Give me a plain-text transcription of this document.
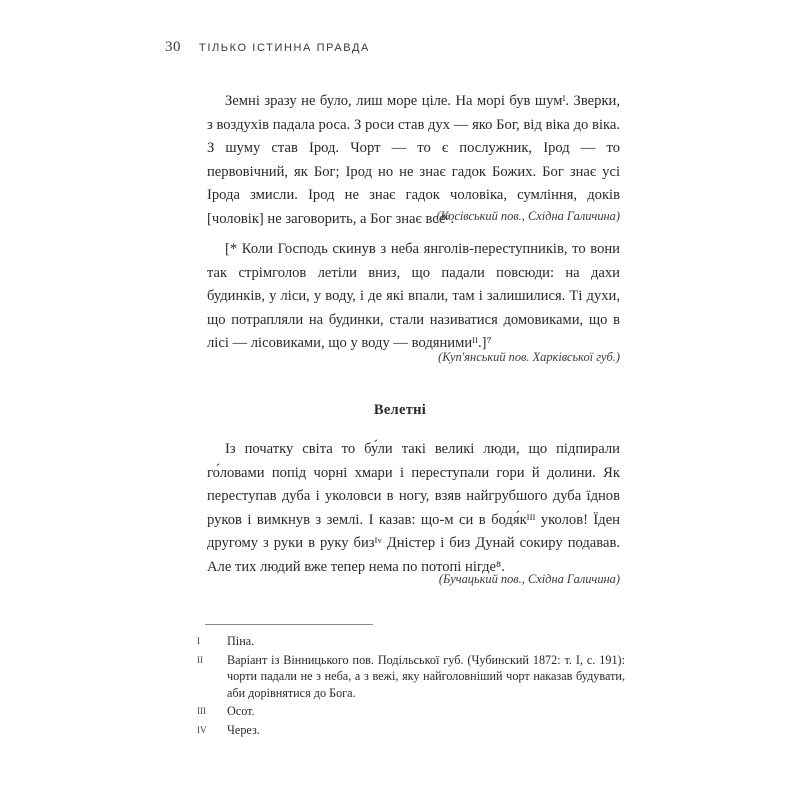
30 ТІЛЬКО ІСТИННА ПРАВДА

Земні зразу не було, лиш море ціле. На морі був шумᴵ. Зверки, з воздухів падала роса. З роси став дух — яко Бог, від віка до віка. З шуму став Ірод. Чорт — то є послужник, Ірод — то первовічний, як Бог; Ірод но не знає гадок Божих. Бог знає усі Ірода змисли. Ірод не знає гадок чоловіка, сумління, доків [чоловік] не заговорить, а Бог знає все⁶.

(Косівський пов., Східна Галичина)

[* Коли Господь скинув з неба янголів-переступників, то вони так стрімголов летіли вниз, що падали повсюди: на дахи будинків, у ліси, у воду, і де які впали, там і залишилися. Ті духи, що потрапляли на будинки, стали називатися домовиками, що в лісі — лісовиками, що у воду — водянимиᴵᴵ.]⁷

(Куп'янський пов. Харківської губ.)
Велетні

Із початку світа то бу́ли такі великі люди, що підпирали го́ловами попід чорні хмари і переступали гори й долини. Як переступав дуба і уколовси в ногу, взяв найгрубшого дуба їднов руков і вимкнув з землі. І казав: що-м си в бодя́кᴵᴵᴵ уколов! Їден другому з руки в руку бизᴵᵛ Дністер і биз Дунай сокиру подавав. Але тих людий вже тепер нема по потопі нігде⁸.

(Бучацький пов., Східна Галичина)
I	Піна.
II	Варіант із Вінницького пов. Подільської губ. (Чубинский 1872: т. I, с. 191): чорти падали не з неба, а з вежі, яку найголовніший чорт наказав будувати, аби дорівнятися до Бога.
III	Осот.
IV	Через.
